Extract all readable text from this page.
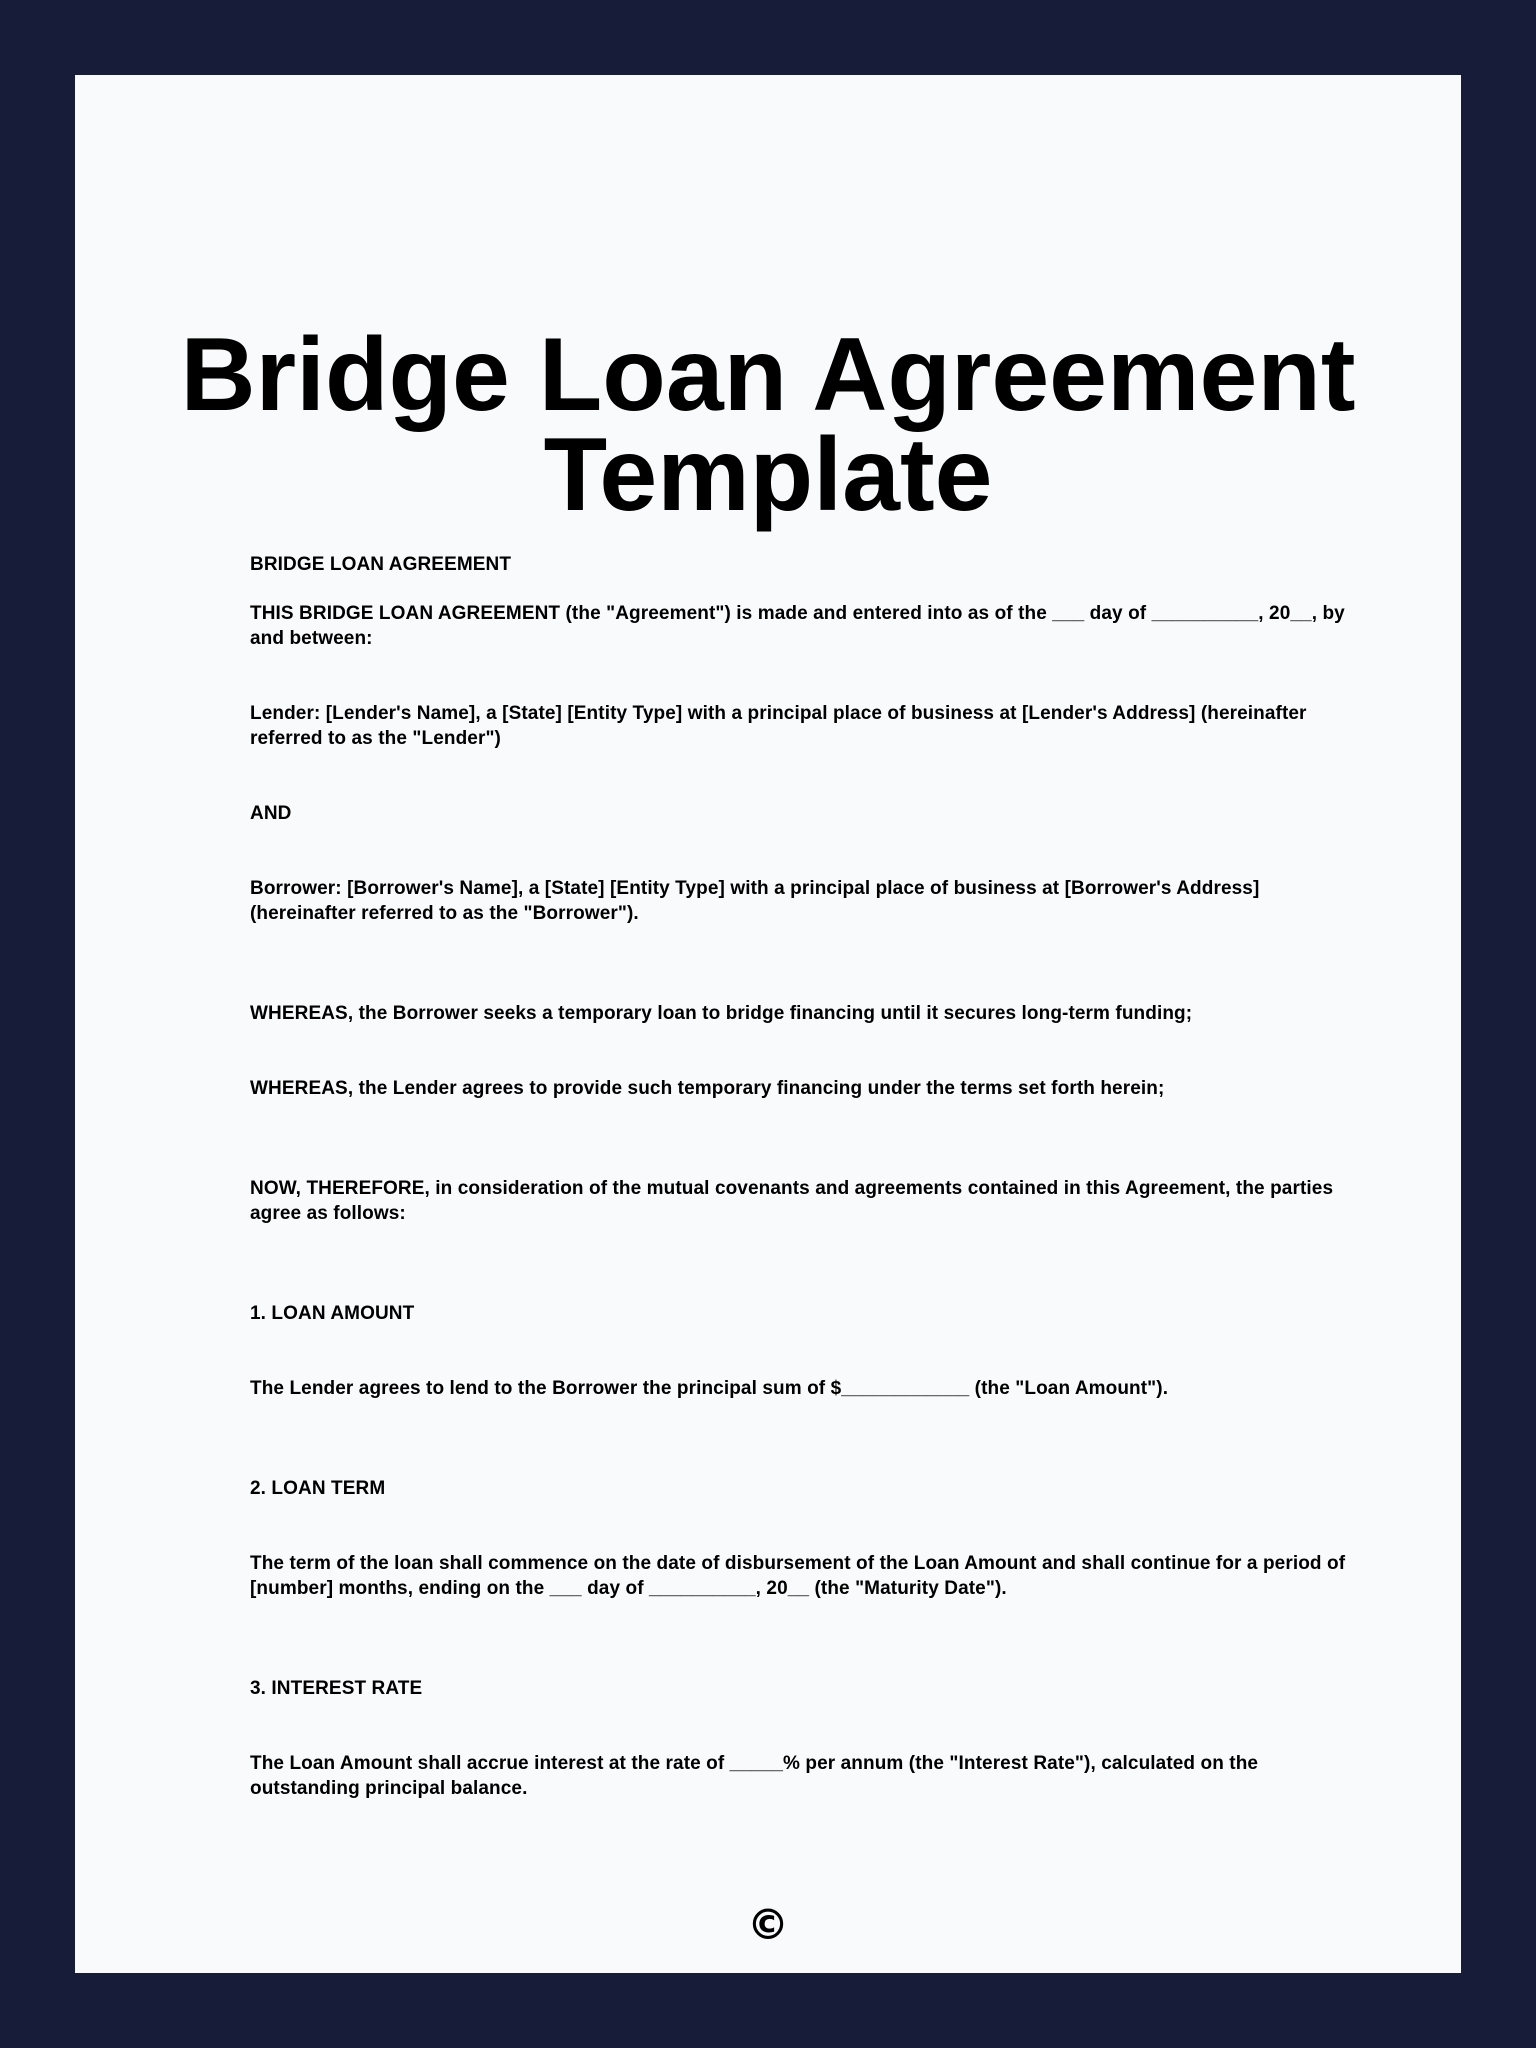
Bridge Loan Agreement Template

BRIDGE LOAN AGREEMENT

THIS BRIDGE LOAN AGREEMENT (the "Agreement") is made and entered into as of the ___ day of __________, 20__, by and between:

Lender: [Lender's Name], a [State] [Entity Type] with a principal place of business at [Lender's Address] (hereinafter referred to as the "Lender")

AND

Borrower: [Borrower's Name], a [State] [Entity Type] with a principal place of business at [Borrower's Address] (hereinafter referred to as the "Borrower").

WHEREAS, the Borrower seeks a temporary loan to bridge financing until it secures long-term funding;

WHEREAS, the Lender agrees to provide such temporary financing under the terms set forth herein;

NOW, THEREFORE, in consideration of the mutual covenants and agreements contained in this Agreement, the parties agree as follows:

1. LOAN AMOUNT

The Lender agrees to lend to the Borrower the principal sum of $____________ (the "Loan Amount").

2. LOAN TERM

The term of the loan shall commence on the date of disbursement of the Loan Amount and shall continue for a period of [number] months, ending on the ___ day of __________, 20__ (the "Maturity Date").

3. INTEREST RATE

The Loan Amount shall accrue interest at the rate of _____% per annum (the "Interest Rate"), calculated on the outstanding principal balance.

©
